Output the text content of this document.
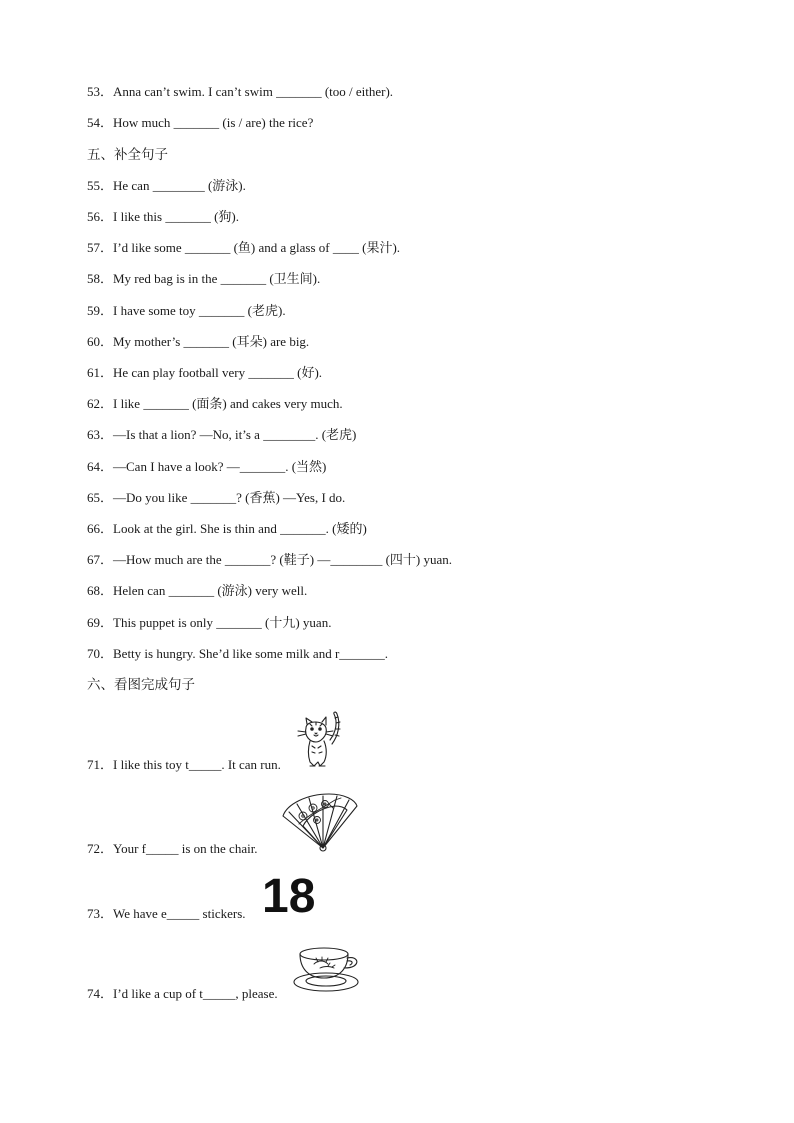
53．Anna can’t swim. I can’t swim _______ (too / either).
54．How much _______ (is / are) the rice?
五、补全句子
55．He can ________ (游泳).
56．I like this _______ (狗).
57．I’d like some _______ (鱼) and a glass of ____ (果汁).
58．My red bag is in the _______ (卫生间).
59．I have some toy _______ (老虎).
60．My mother’s _______ (耳朵) are big.
61．He can play football very _______ (好).
62．I like _______ (面条) and cakes very much.
63．—Is that a lion? —No, it’s a ________. (老虎)
64．—Can I have a look? —_______. (当然)
65．—Do you like _______? (香蕉) —Yes, I do.
66．Look at the girl. She is thin and _______. (矮的)
67．—How much are the _______? (鞋子) —________ (四十) yuan.
68．Helen can _______ (游泳) very well.
69．This puppet is only _______ (十九) yuan.
70．Betty is hungry. She’d like some milk and r_______.
六、看图完成句子
71．I like this toy t_____. It can run.
72．Your f_____ is on the chair.
18
73．We have e_____ stickers.
74．I’d like a cup of t_____, please.
